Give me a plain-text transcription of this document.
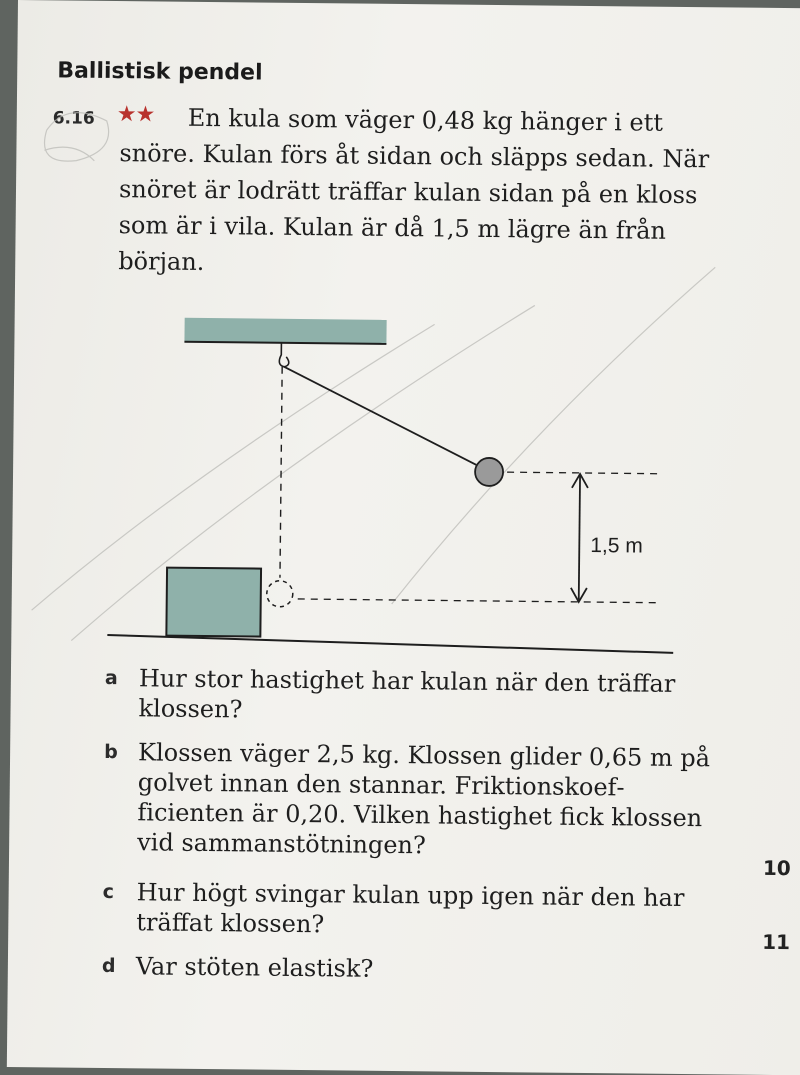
Ballistisk pendel
6.16 ★★	En kula som väger 0,48 kg hänger i ett snöre. Kulan förs åt sidan och släpps sedan. När snöret är lodrätt träffar kulan sidan på en kloss som är i vila. Kulan är då 1,5 m lägre än från början.
1,5 m
a Hur stor hastighet har kulan när den träffar klossen?
b Klossen väger 2,5 kg. Klossen glider 0,65 m på golvet innan den stannar. Friktionskoefficienten är 0,20. Vilken hastighet fick klossen vid sammanstötningen?
c Hur högt svingar kulan upp igen när den har träffat klossen?
d Var stöten elastisk?
10
11
